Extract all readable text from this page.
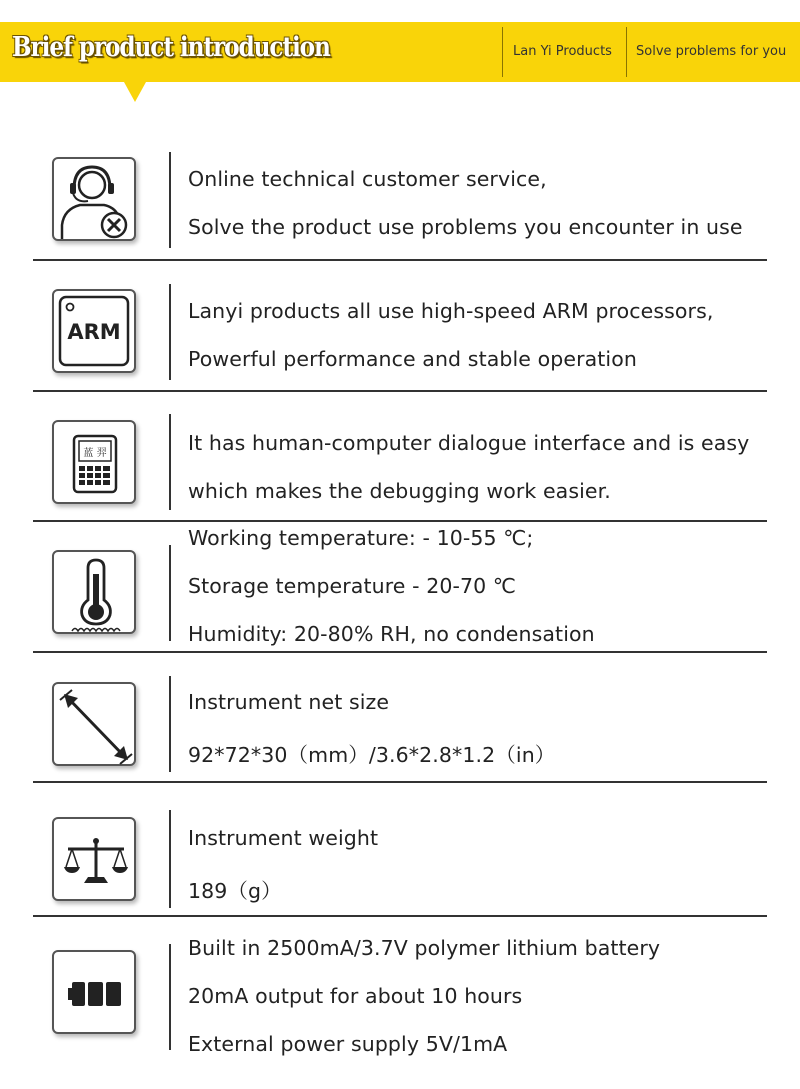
Brief product introduction	Lan Yi Products Solve problems for you
Online technical customer service,
Solve the product use problems you encounter in use
ARM
Lanyi products all use high-speed ARM processors,
Powerful performance and stable operation
蓝 羿	It has human-computer dialogue interface and is easy
which makes the debugging work easier.
Working temperature: - 10-55 ℃;
Storage temperature - 20-70 ℃
Humidity: 20-80% RH, no condensation
Instrument net size
92*72*30（mm）/3.6*2.8*1.2（in）
Instrument weight
189（g）
Built in 2500mA/3.7V polymer lithium battery
20mA output for about 10 hours
External power supply 5V/1mA
